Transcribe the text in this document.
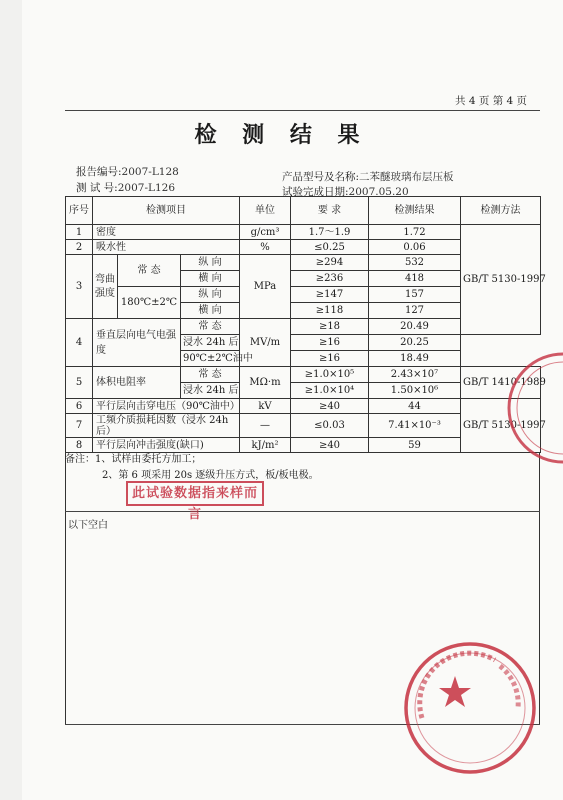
共 4 页 第 4 页
检 测 结 果
报告编号:2007-L128
测 试 号:2007-L126
产品型号及名称:二苯醚玻璃布层压板
试验完成日期:2007.05.20
序号	检测项目			单位	要 求	检测结果	检测方法
1	密度			g/cm³	1.7～1.9	1.72	GB/T 5130-1997
2	吸水性			%	≤0.25	0.06	
3	弯曲强度	常 态	纵 向	MPa	≥294	532	
			横 向		≥236	418	
		180℃±2℃	纵 向		≥147	157	
			横 向		≥118	127	
4	垂直层向电气电强度		常 态	MV/m	≥18	20.49	
			浸水 24h 后		≥16	20.25	
			90℃±2℃油中		≥16	18.49	
5	体积电阻率		常 态	MΩ·m	≥1.0×10⁵	2.43×10⁷	GB/T 1410-1989
			浸水 24h 后		≥1.0×10⁴	1.50×10⁶	
6	平行层向击穿电压（90℃油中）			kV	≥40	44	GB/T 5130-1997
7	工频介质损耗因数（浸水 24h 后）			—	≤0.03	7.41×10⁻³	
8	平行层向冲击强度(缺口)			kJ/m²	≥40	59	
备注：1、试样由委托方加工；
2、第 6 项采用 20s 逐级升压方式，板/板电极。
此试验数据指来样而言
以下空白
